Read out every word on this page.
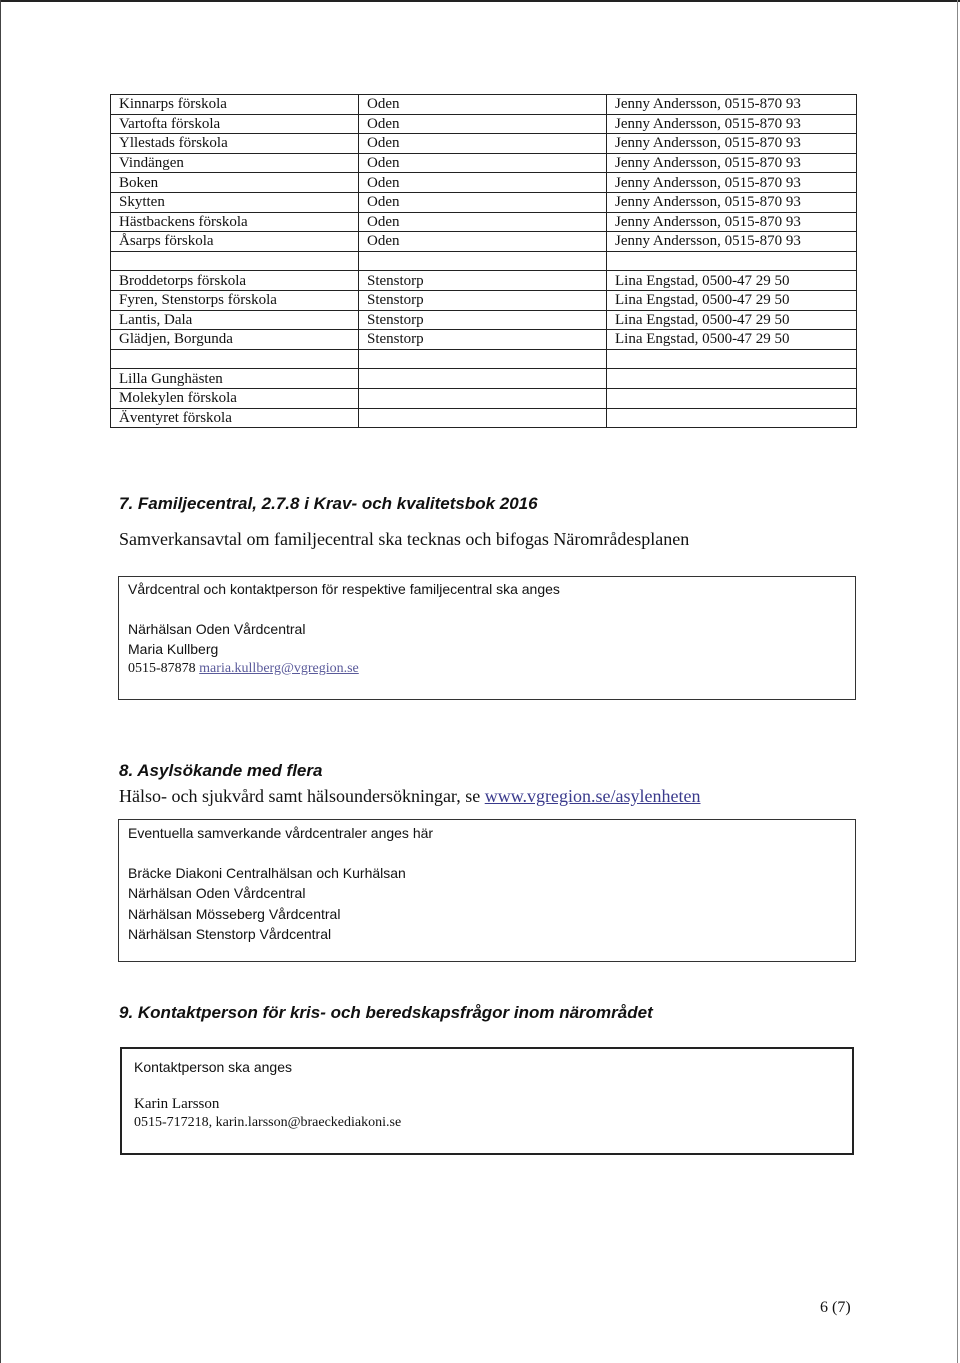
Kinnarps förskola	Oden	Jenny Andersson, 0515-870 93
Vartofta förskola	Oden	Jenny Andersson, 0515-870 93
Yllestads förskola	Oden	Jenny Andersson, 0515-870 93
Vindängen	Oden	Jenny Andersson, 0515-870 93
Boken	Oden	Jenny Andersson, 0515-870 93
Skytten	Oden	Jenny Andersson, 0515-870 93
Hästbackens förskola	Oden	Jenny Andersson, 0515-870 93
Åsarps förskola	Oden	Jenny Andersson, 0515-870 93

Broddetorps förskola	Stenstorp	Lina Engstad, 0500-47 29 50
Fyren, Stenstorps förskola	Stenstorp	Lina Engstad, 0500-47 29 50
Lantis, Dala	Stenstorp	Lina Engstad, 0500-47 29 50
Glädjen, Borgunda	Stenstorp	Lina Engstad, 0500-47 29 50

Lilla Gunghästen		
Molekylen förskola		
Äventyret förskola		
7. Familjecentral, 2.7.8 i Krav- och kvalitetsbok 2016
Samverkansavtal om familjecentral ska tecknas och bifogas Närområdesplanen
Vårdcentral och kontaktperson för respektive familjecentral ska anges
Närhälsan Oden Vårdcentral
Maria Kullberg
0515-87878 maria.kullberg@vgregion.se
8. Asylsökande med flera
Hälso- och sjukvård samt hälsoundersökningar, se www.vgregion.se/asylenheten
Eventuella samverkande vårdcentraler anges här
Bräcke Diakoni Centralhälsan och Kurhälsan
Närhälsan Oden Vårdcentral
Närhälsan Mösseberg Vårdcentral
Närhälsan Stenstorp Vårdcentral
9. Kontaktperson för kris- och beredskapsfrågor inom närområdet
Kontaktperson ska anges
Karin Larsson
0515-717218, karin.larsson@braeckediakoni.se
6 (7)
